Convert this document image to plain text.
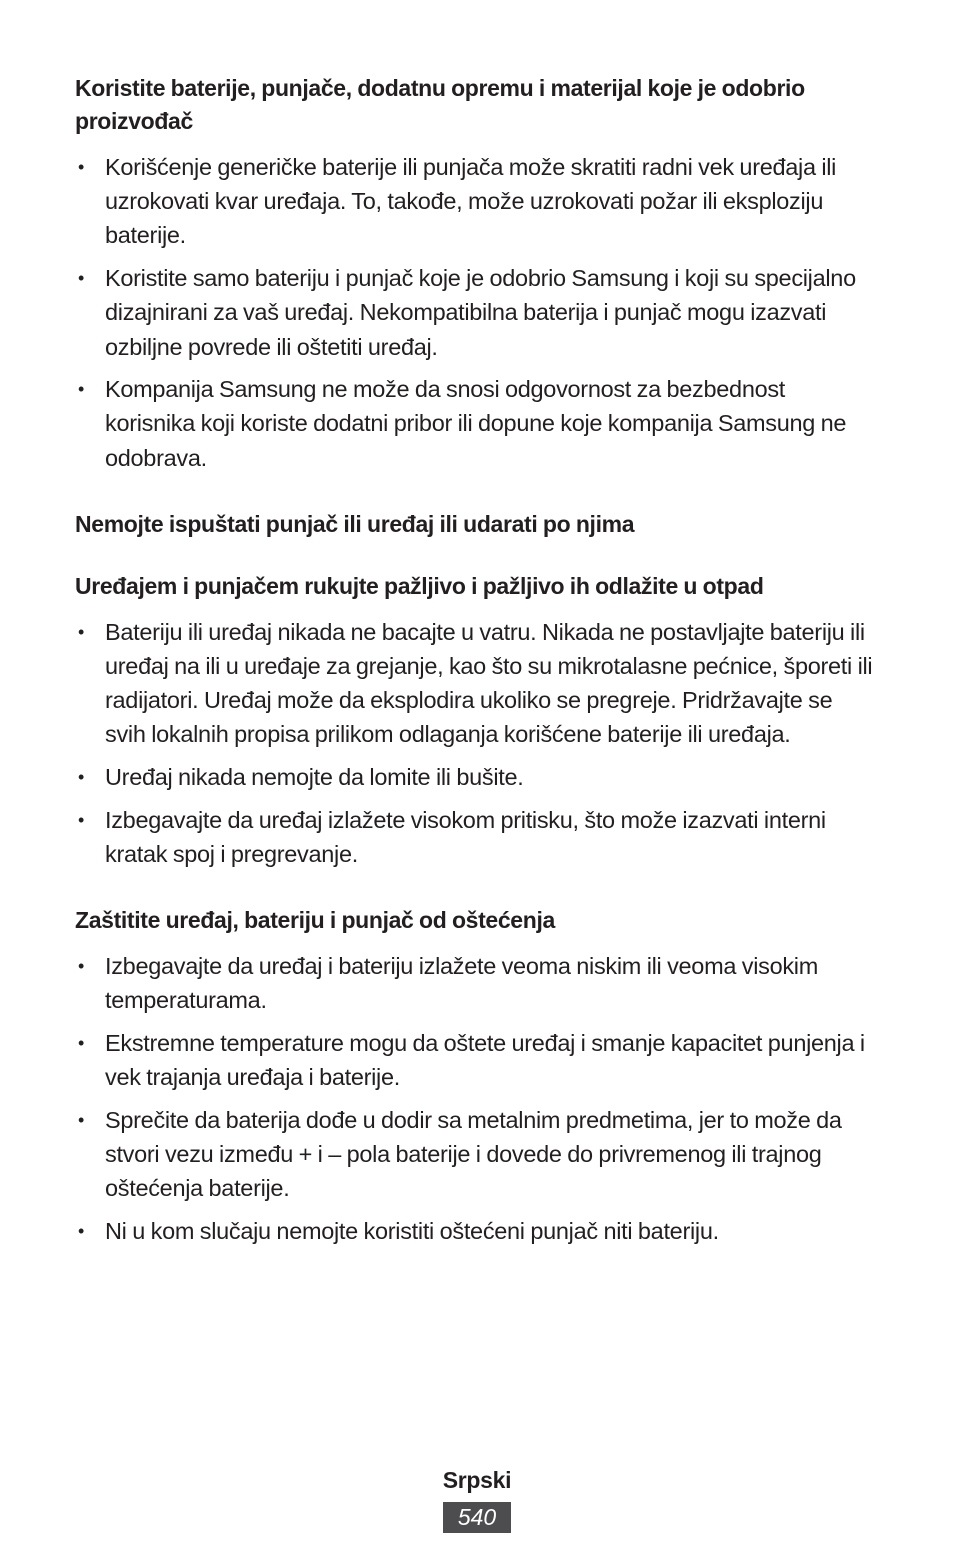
Koristite baterije, punjače, dodatnu opremu i materijal koje je odobrio proizvođač
• Korišćenje generičke baterije ili punjača može skratiti radni vek uređaja ili uzrokovati kvar uređaja. To, takođe, može uzrokovati požar ili eksploziju baterije.
• Koristite samo bateriju i punjač koje je odobrio Samsung i koji su specijalno dizajnirani za vaš uređaj. Nekompatibilna baterija i punjač mogu izazvati ozbiljne povrede ili oštetiti uređaj.
• Kompanija Samsung ne može da snosi odgovornost za bezbednost korisnika koji koriste dodatni pribor ili dopune koje kompanija Samsung ne odobrava.
Nemojte ispuštati punjač ili uređaj ili udarati po njima
Uređajem i punjačem rukujte pažljivo i pažljivo ih odlažite u otpad
• Bateriju ili uređaj nikada ne bacajte u vatru. Nikada ne postavljajte bateriju ili uređaj na ili u uređaje za grejanje, kao što su mikrotalasne pećnice, šporeti ili radijatori. Uređaj može da eksplodira ukoliko se pregreje. Pridržavajte se svih lokalnih propisa prilikom odlaganja korišćene baterije ili uređaja.
• Uređaj nikada nemojte da lomite ili bušite.
• Izbegavajte da uređaj izlažete visokom pritisku, što može izazvati interni kratak spoj i pregrevanje.
Zaštitite uređaj, bateriju i punjač od oštećenja
• Izbegavajte da uređaj i bateriju izlažete veoma niskim ili veoma visokim temperaturama.
• Ekstremne temperature mogu da oštete uređaj i smanje kapacitet punjenja i vek trajanja uređaja i baterije.
• Sprečite da baterija dođe u dodir sa metalnim predmetima, jer to može da stvori vezu između + i – pola baterije i dovede do privremenog ili trajnog oštećenja baterije.
• Ni u kom slučaju nemojte koristiti oštećeni punjač niti bateriju.
Srpski
540
